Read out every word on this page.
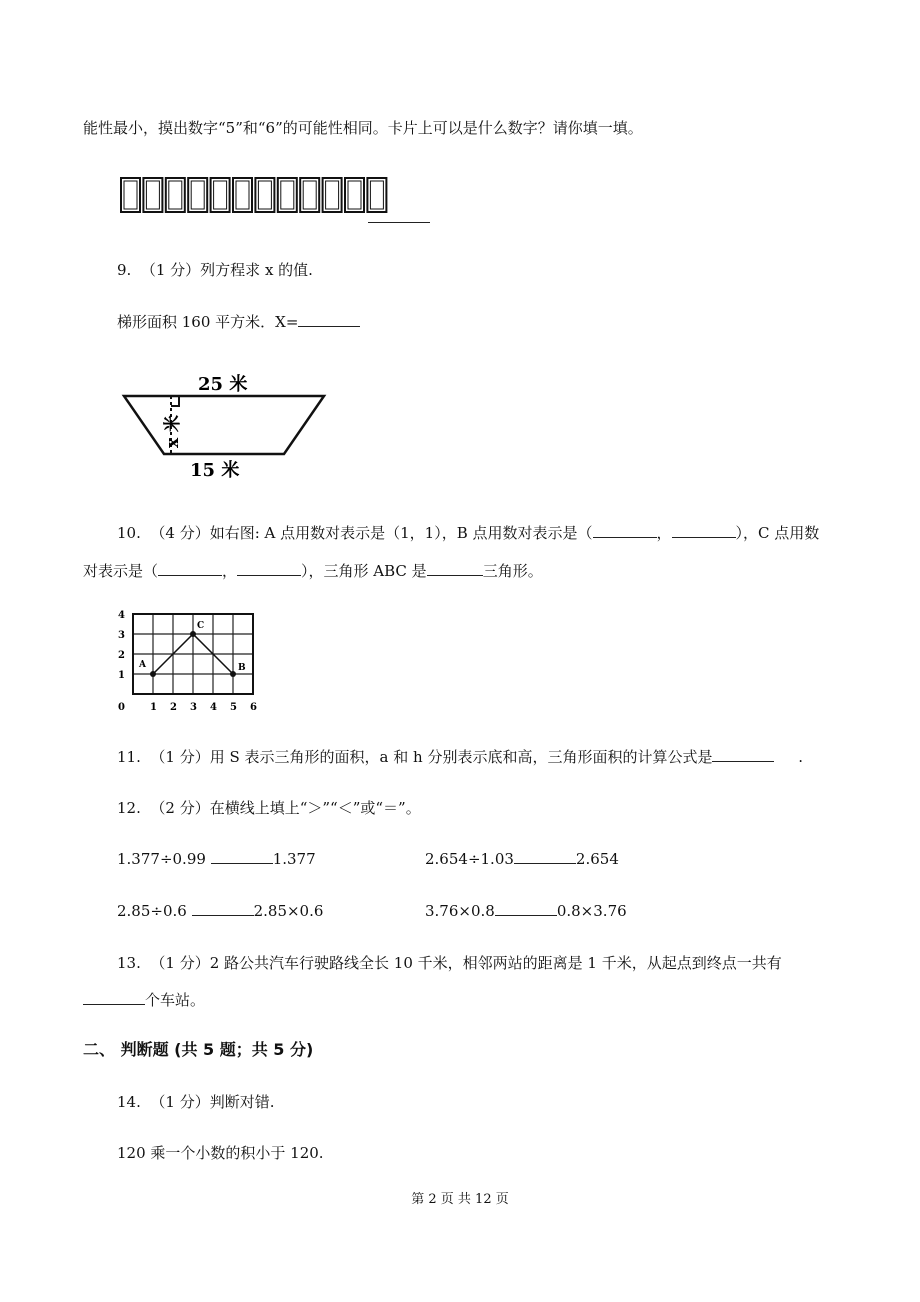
能性最小，摸出数字“5”和“6”的可能性相同。卡片上可以是什么数字？请你填一填。
9. （1 分）列方程求 x 的值.
梯形面积 160 平方米．X=
25 米
15 米
x 米
10. （4 分）如右图: A 点用数对表示是（1，1），B 点用数对表示是（	，	），C 点用数
对表示是（	，	），三角形 ABC 是	三角形。
4
3
2
1
0	1 2 3 4 5 6
A	B
C
11. （1 分）用 S 表示三角形的面积，a 和 h 分别表示底和高，三角形面积的计算公式是	.
12. （2 分）在横线上填上“＞”“＜”或“＝”。
1.377÷0.99	1.377	2.654÷1.03	2.654
2.85÷0.6	2.85×0.6	3.76×0.8	0.8×3.76
13. （1 分）2 路公共汽车行驶路线全长 10 千米，相邻两站的距离是 1 千米，从起点到终点一共有
个车站。
二、 判断题 (共 5 题；共 5 分)
14. （1 分）判断对错.
120 乘一个小数的积小于 120.
第 2 页 共 12 页
